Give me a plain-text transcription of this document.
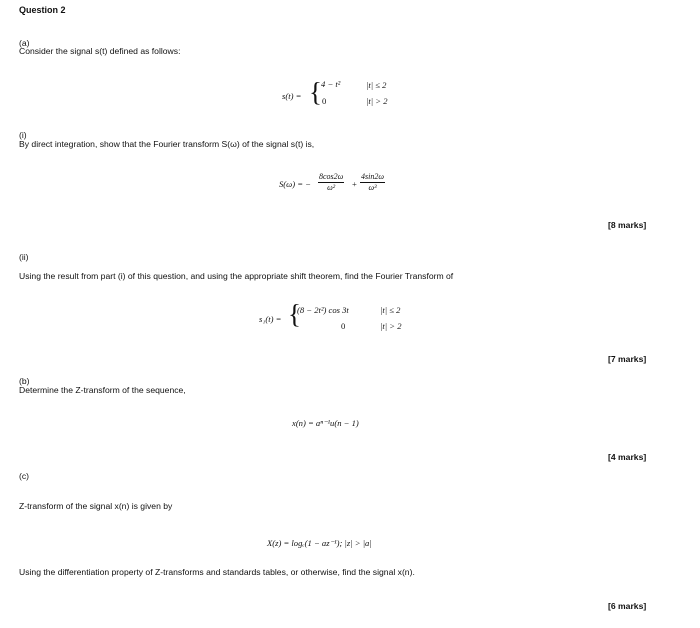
Question 2
(a)
Consider the signal s(t) defined as follows:
s(t) = { 4 − t²	|t| ≤ 2
0	|t| > 2
(i)
By direct integration, show that the Fourier transform S(ω) of the signal s(t) is,
S(ω) = − $\frac{8\cos 2\omega}{\text{ω²}} + \frac{4\sin 2\omega}{\text{ω³}}$
[8 marks]
(ii)
Using the result from part (i) of this question, and using the appropriate shift theorem, find the Fourier Transform of
s₁(t) = {
(8 − 2t²) cos 3t	|t| ≤ 2
0	|t| > 2
[7 marks]
(b)
Determine the Z-transform of the sequence,
x(n) = aⁿ⁻¹u(n − 1)
[4 marks]
(c)
Z-transform of the signal x(n) is given by
X(z) = logₑ(1 − az⁻¹); |z| > |a|
Using the differentiation property of Z-transforms and standards tables, or otherwise, find the signal x(n).
[6 marks]
